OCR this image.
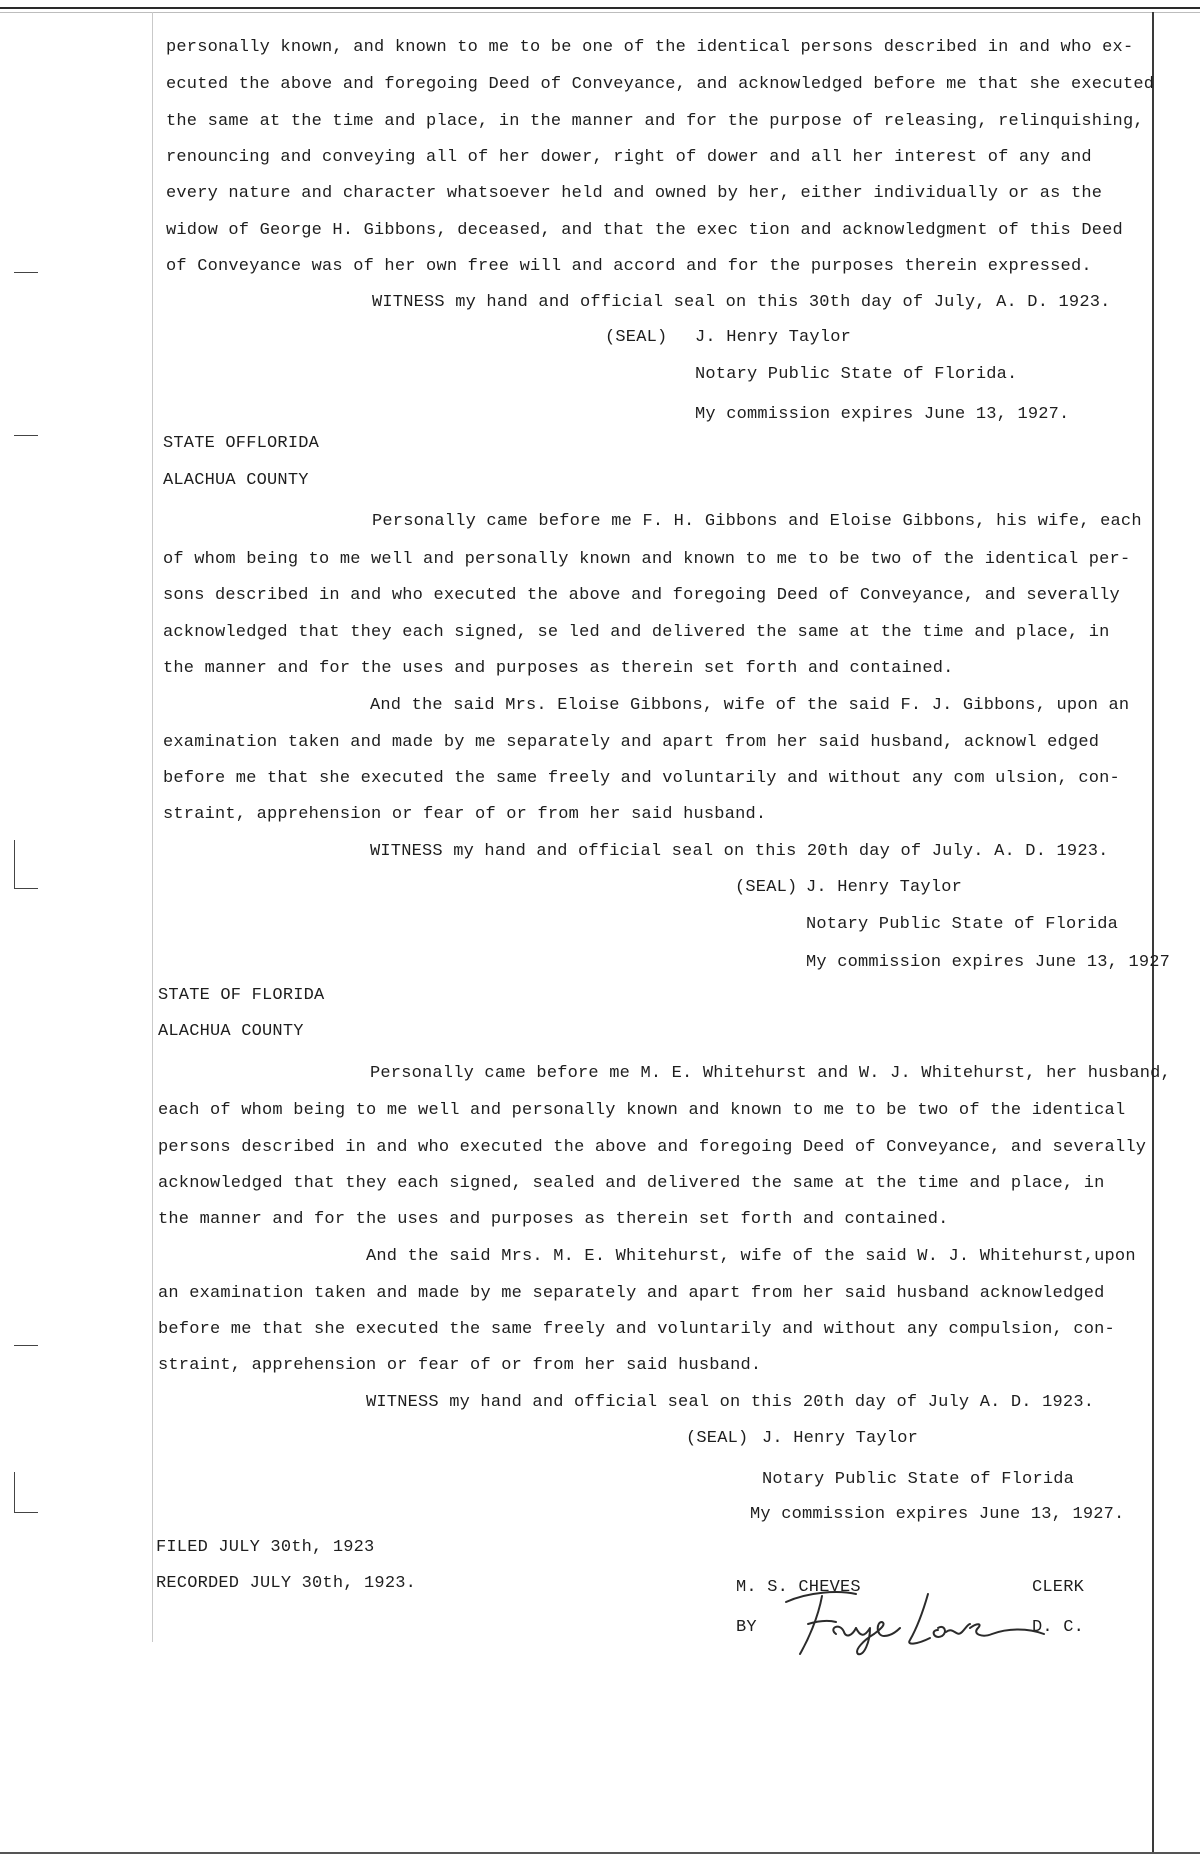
personally known, and known to me to be one of the identical persons described in and who ex-
ecuted the above and foregoing Deed of Conveyance, and acknowledged before me that she executed
the same at the time and place, in the manner and for the purpose of releasing, relinquishing,
renouncing and conveying all of her dower, right of dower and all her interest of any and
every nature and character whatsoever held and owned by her, either individually or as the
widow of George H. Gibbons, deceased, and that the exec tion and acknowledgment of this Deed
of Conveyance was of her own free will and accord and for the purposes therein expressed.
WITNESS my hand and official seal on this 30th day of July, A. D. 1923.
(SEAL) J. Henry Taylor
Notary Public State of Florida.
My commission expires June 13, 1927.
STATE OFFLORIDA
ALACHUA COUNTY
Personally came before me F. H. Gibbons and Eloise Gibbons, his wife, each
of whom being to me well and personally known and known to me to be two of the identical per-
sons described in and who executed the above and foregoing Deed of Conveyance, and severally
acknowledged that they each signed, se led and delivered the same at the time and place, in
the manner and for the uses and purposes as therein set forth and contained.
And the said Mrs. Eloise Gibbons, wife of the said F. J. Gibbons, upon an
examination taken and made by me separately and apart from her said husband, acknowl edged
before me that she executed the same freely and voluntarily and without any com ulsion, con-
straint, apprehension or fear of or from her said husband.
WITNESS my hand and official seal on this 20th day of July. A. D. 1923.
(SEAL) J. Henry Taylor
Notary Public State of Florida
My commission expires June 13, 1927
STATE OF FLORIDA
ALACHUA COUNTY
Personally came before me M. E. Whitehurst and W. J. Whitehurst, her husband,
each of whom being to me well and personally known and known to me to be two of the identical
persons described in and who executed the above and foregoing Deed of Conveyance, and severally
acknowledged that they each signed, sealed and delivered the same at the time and place, in
the manner and for the uses and purposes as therein set forth and contained.
And the said Mrs. M. E. Whitehurst, wife of the said W. J. Whitehurst,upon
an examination taken and made by me separately and apart from her said husband acknowledged
before me that she executed the same freely and voluntarily and without any compulsion, con-
straint, apprehension or fear of or from her said husband.
WITNESS my hand and official seal on this 20th day of July A. D. 1923.
(SEAL) J. Henry Taylor
Notary Public State of Florida
My commission expires June 13, 1927.
FILED JULY 30th, 1923
RECORDED JULY 30th, 1923.	M. S. CHEVES	CLERK
BY	D. C.
